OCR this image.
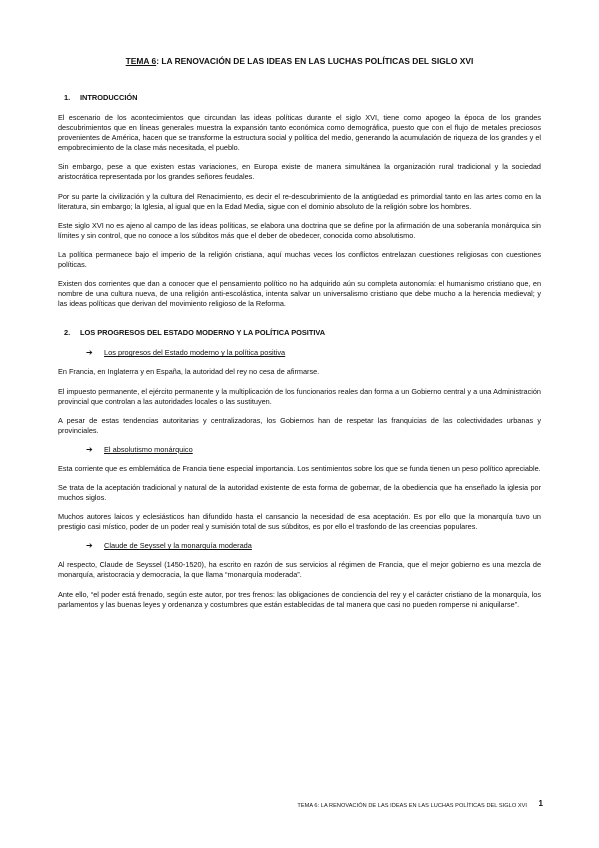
TEMA 6: LA RENOVACIÓN DE LAS IDEAS EN LAS LUCHAS POLÍTICAS DEL SIGLO XVI
1. INTRODUCCIÓN

El escenario de los acontecimientos que circundan las ideas políticas durante el siglo XVI, tiene como apogeo la época de los grandes descubrimientos que en líneas generales muestra la expansión tanto económica como demográfica, puesto que con el flujo de metales preciosos provenientes de América, hacen que se transforme la estructura social y política del medio, generando la acumulación de riqueza de los grandes y el empobrecimiento de la clase más necesitada, el pueblo.

Sin embargo, pese a que existen estas variaciones, en Europa existe de manera simultánea la organización rural tradicional y la sociedad aristocrática representada por los grandes señores feudales.

Por su parte la civilización y la cultura del Renacimiento, es decir el re-descubrimiento de la antigüedad es primordial tanto en las artes como en la literatura, sin embargo; la Iglesia, al igual que en la Edad Media, sigue con el dominio absoluto de la religión sobre los hombres.

Este siglo XVI no es ajeno al campo de las ideas políticas, se elabora una doctrina que se define por la afirmación de una soberanía monárquica sin límites y sin control, que no conoce a los súbditos más que el deber de obedecer, conocida como absolutismo.

La política permanece bajo el imperio de la religión cristiana, aquí muchas veces los conflictos entrelazan cuestiones religiosas con cuestiones políticas.

Existen dos corrientes que dan a conocer que el pensamiento político no ha adquirido aún su completa autonomía: el humanismo cristiano que, en nombre de una cultura nueva, de una religión anti-escolástica, intenta salvar un universalismo cristiano que debe mucho a la herencia medieval; y las ideas políticas que derivan del movimiento religioso de la Reforma.

2. LOS PROGRESOS DEL ESTADO MODERNO Y LA POLÍTICA POSITIVA
➔	Los progresos del Estado moderno y la política positiva

En Francia, en Inglaterra y en España, la autoridad del rey no cesa de afirmarse.

El impuesto permanente, el ejército permanente y la multiplicación de los funcionarios reales dan forma a un Gobierno central y a una Administración provincial que controlan a las autoridades locales o las sustituyen.

A pesar de estas tendencias autoritarias y centralizadoras, los Gobiernos han de respetar las franquicias de las colectividades urbanas y provinciales.

➔	El absolutismo monárquico

Esta corriente que es emblemática de Francia tiene especial importancia. Los sentimientos sobre los que se funda tienen un peso político apreciable.

Se trata de la aceptación tradicional y natural de la autoridad existente de esta forma de gobernar, de la obediencia que ha enseñado la iglesia por muchos siglos.

Muchos autores laicos y eclesiásticos han difundido hasta el cansancio la necesidad de esa aceptación. Es por ello que la monarquía tuvo un prestigio casi místico, poder de un poder real y sumisión total de sus súbditos, es por ello el trasfondo de las creencias populares.

➔	Claude de Seyssel y la monarquía moderada

Al respecto, Claude de Seyssel (1450-1520), ha escrito en razón de sus servicios al régimen de Francia, que el mejor gobierno es una mezcla de monarquía, aristocracia y democracia, la que llama “monarquía moderada”.

Ante ello, “el poder está frenado, según este autor, por tres frenos: las obligaciones de conciencia del rey y el carácter cristiano de la monarquía, los parlamentos y las buenas leyes y ordenanza y costumbres que están establecidas de tal manera que casi no pueden romperse ni aniquilarse”.

TEMA 6: LA RENOVACIÓN DE LAS IDEAS EN LAS LUCHAS POLÍTICAS DEL SIGLO XVI 1
